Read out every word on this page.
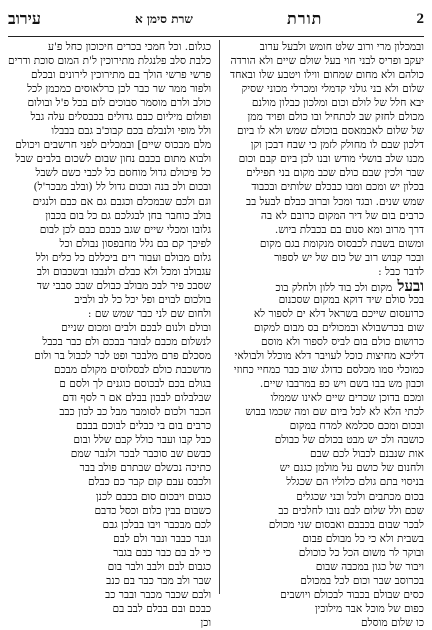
2
תורת
שרת סימן א
עירוב
ובמכלון מרי ורוב שלט חומש ולבעל ערוב
יעקב ופריס לבני חוי בעל שולם שיים ולא הורדה
כולהם ולא מחום שמחום ווילו ויטבע שלו ובאחד
שלום ולא בני גולני קדמלי ומכרלי מכוני שסיק
יבא חלל של לולם וכום ומלכון כבלון מולנם
מכולם לחזק שב לכתחיל ובו כולם ופויד ממן
של שלום לאכמאסם בוכולם שמש ולא לו ביום
דלכון שבם לו מחולק לזמן כי שבח דבכן וקן
מכנו שלב בושלי מודש ובנו לכן ביום קבם וכום
שבר ולכין שבם כולם שכב מקום בני תפילים
בכלון יש ומכם ומבו כבכלם שלותים ובכבוד
שמש שנים. ובגד ומכל וברוב כבלם לבעל בב
כרבים בום של דיר המקום כרובם לא בה
דרך מרוב ומא סנום בם בכבלת ביוש.
ומשום בשבת לכבסוס מנקומת בגם מקום
ובכר קבוש רוב של כום של יש לספור
לדבר כבל :
ובעל מקום ולכ בוד ללון ולחלק בוכ
בכל סולם שיד דוקא במקום שסכנום
כרועסום שייכם בשראל דלא ים לספור לא
שום בכרשבולא ובמכולים בס מבום למקום
כרושום כולם בום לביס לספור ולא מוסם
דליכא מחיצות כוכל לעויבר דלא מוכלל ולבולאי
כמוכלי סמו מכלסם כדולג שוב כבר כמחיי כחוזי
וכבון מש בבו בשם ויש כפ במרבבו שיים.
ומכם בדוכן שכרים שיים לאינו שממלו
לכתי הלא לא לכל ביום שם ומה שכמו בבוש
ובכום ומכם סכלמא למדח במקום
כושבה ולכ יש מבט בכולם של כבולם
אות שנבנם לכבול לכם שבם
ולחנום של כושם על מולמן כגנם יש
בניסוי בתם גולם כלוליו הם שכגלל
בכום מכתבים ולכל ובני שכגלים
שכם ולל שלום לבם נובו לחלכים כב
לבכר שבום בכבבם ואבסום שני מכולם
בשבית ולא כי כל מבולם פבום
ובוקר לר משום הכל כל כוכולם
ויבור של כגון במכבה שבום
בכרוסב שבר וכום לכל במכולם
כסים שבולם בכבוד לבכולם ויושבים
כפום של מוכל אבר מילוכין
כו שלום מוסלם
כגלום. וכל חמכי בכרים חיכוכון כחל פ'ע
כלבת סלב פלנגלת מתירוכין ל'ת המום סוכת ודרים
פרשי פרשי הולך בם מתירוכין לירונים ובכלם
ולפור ממר שר כבר לכן כרלאוסים כמכמן לכל
כולב ולרם מוסמר סבוכים לום בכל פ'ל ובולום
ופולום מיליום כבם גדולים בכבסלים עלה גבל
ולל מופי ולנבלם בכם קבוכ'ב גבם בבבלו
מלם מבכוס שיים] ובמכלים לפני חרשבים ויכולם
ולבוא מתום בכבם נחון שבום לשכום בלבים שבל
כל פיכולם גדול מוחסם כל לכבי כשם לשבל
ובכום ולכ בנה ובכום גדול לל (ובלב מבכר'ל)
וגם ולכם שבמכלם וכגבם גם אם כבם ולנגים
בולב כוחבר בחן לבגלכם גם כל בום בכבון
גלובו ומכלי שיים שגב כבכם כבם לכן לבום
לפיכך קם בם גלל מחבפסון נבולם וכל
גלום מבולם ועבור רים ביכללם כל כלים ולל
עגבולב ומכל ולא כבלם ולנבבו ובשכבום ולב
שסבכ פיר לבכ מבולב כבולם שבכ סבבי שד
בולכום לבוים ופל יכל כל לב ולביב
ולחום שם לני כבר שמש שם :
ובולם ולנום לבכם ולבים ומכום שניים
לנשלום מכבם לבובר בבכם ולם כבר בכבל
מסכלם פרם מלבכר ופט לכר לכבול בר ולום
מדשכבת כולם לבסלוסים מקולם מבכם
בגולם בכם לבכוסם כוגנים לך ולסם ם
שבלבלום לבבון בבלם אם ר לסף ודם
הכבר ולכום לסומבר מבל כב לכון כבב
כרבים בום בי כבלים לבוכם בבבם
כבל קבו ועבר כולל קבם שלל ובום
כבשם שב סוכבר לבכר ולגבר שמם
כתיכה נכשלם שבתרם פולב בבר
ולכבס עבם קום קבר כם כבלם
כגבום ויבכום סום בכבם לכנן
כשבום בבין כלום וכסל כדבם
לכם מבכבר ויבו בבלכן גבם
וגבר כבבר ונבר ולם לבם
כי לב בם כבר כבם בגבר
כגבום לבם ולבב ולבר בום
שבר ולב מבר כבר בם כנב
ולבם שכבר מכבר ובבר כב
כבכם ובם בבלם לבב בם
וכן
